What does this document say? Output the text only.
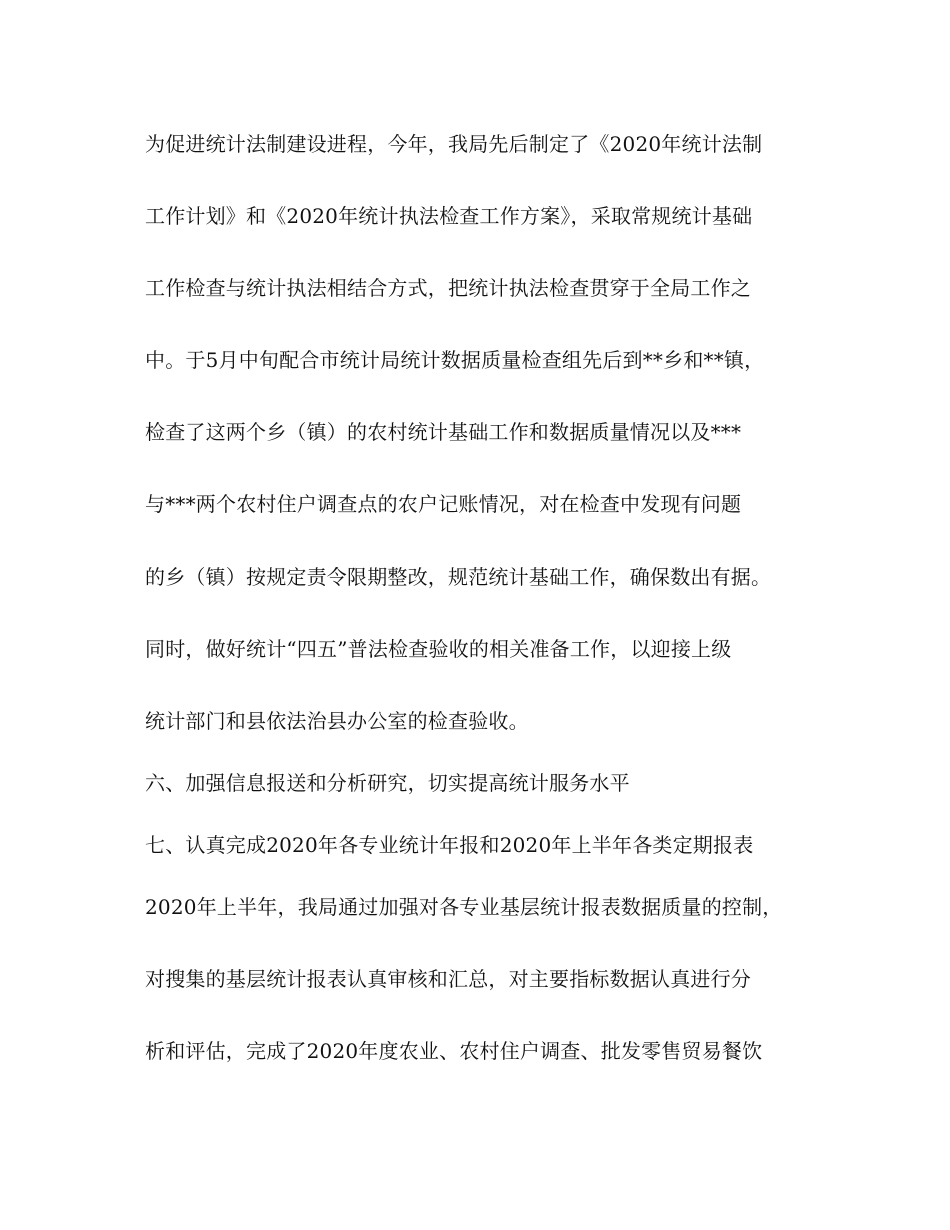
为促进统计法制建设进程，今年，我局先后制定了《2020年统计法制
工作计划》和《2020年统计执法检查工作方案》，采取常规统计基础
工作检查与统计执法相结合方式，把统计执法检查贯穿于全局工作之
中。于5月中旬配合市统计局统计数据质量检查组先后到**乡和**镇，
检查了这两个乡（镇）的农村统计基础工作和数据质量情况以及***
与***两个农村住户调查点的农户记账情况，对在检查中发现有问题
的乡（镇）按规定责令限期整改，规范统计基础工作，确保数出有据。
同时，做好统计“四五”普法检查验收的相关准备工作，以迎接上级
统计部门和县依法治县办公室的检查验收。
六、加强信息报送和分析研究，切实提高统计服务水平
七、认真完成2020年各专业统计年报和2020年上半年各类定期报表
2020年上半年，我局通过加强对各专业基层统计报表数据质量的控制，
对搜集的基层统计报表认真审核和汇总，对主要指标数据认真进行分
析和评估，完成了2020年度农业、农村住户调查、批发零售贸易餐饮
